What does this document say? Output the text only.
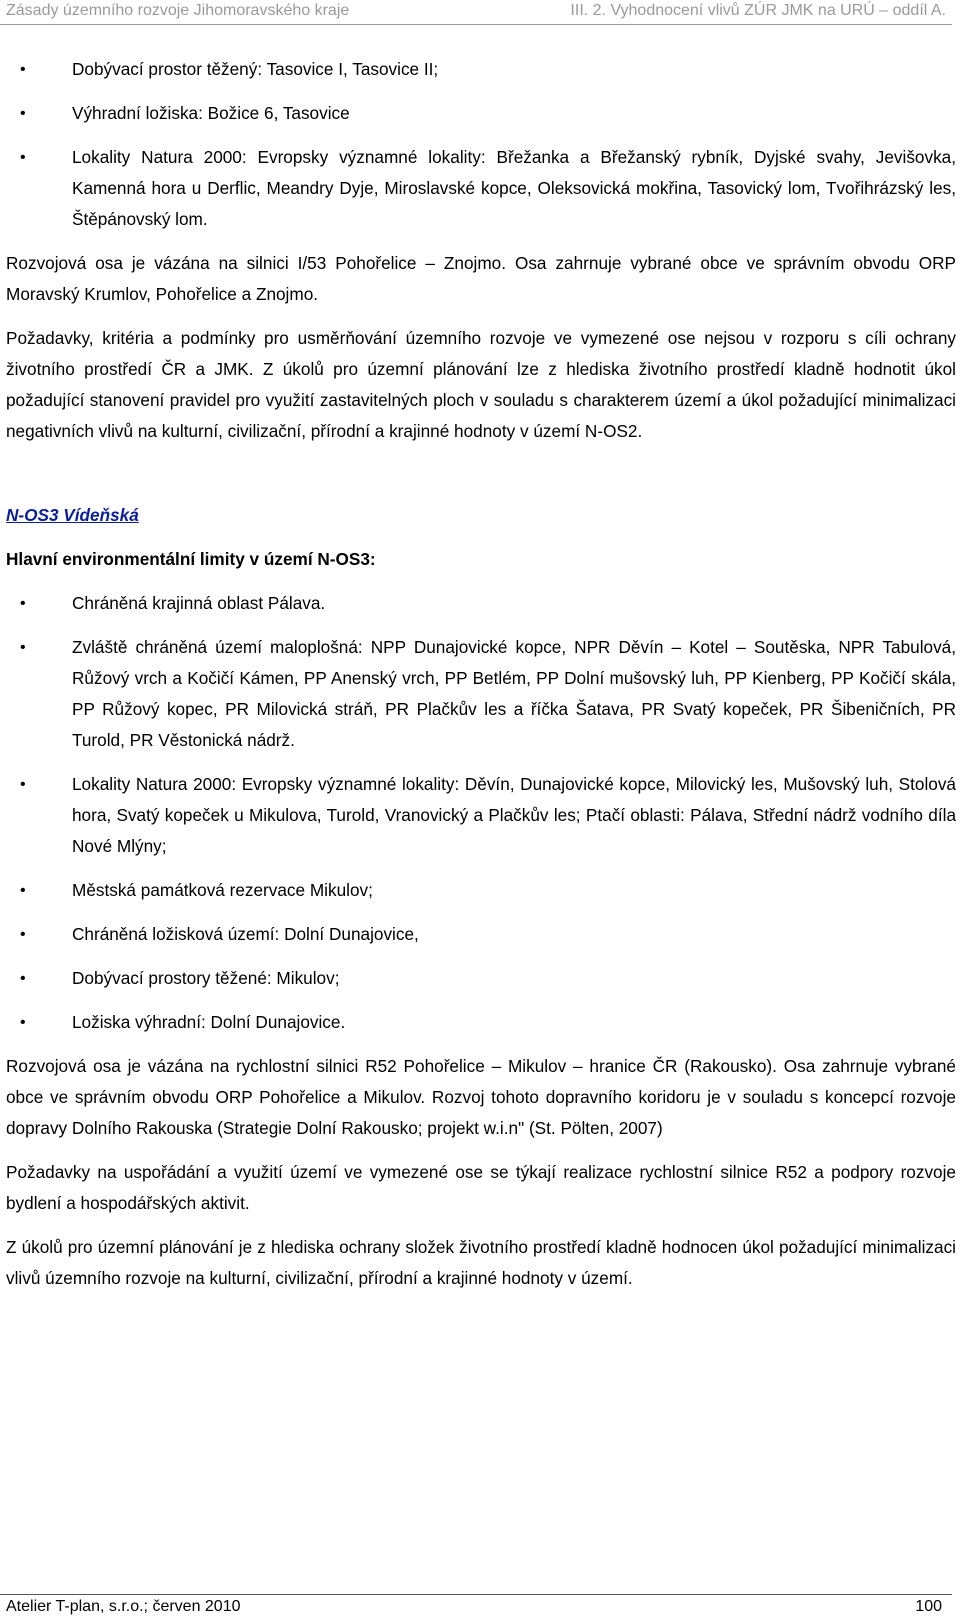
Zásady územního rozvoje Jihomoravského kraje	III. 2. Vyhodnocení vlivů ZÚR JMK na URÚ – oddíl A.
• Dobývací prostor těžený: Tasovice I, Tasovice II;
• Výhradní ložiska: Božice 6, Tasovice
• Lokality Natura 2000: Evropsky významné lokality: Břežanka a Břežanský rybník, Dyjské svahy, Jevišovka, Kamenná hora u Derflic, Meandry Dyje, Miroslavské kopce, Oleksovická mokřina, Tasovický lom, Tvořihrázský les, Štěpánovský lom.

Rozvojová osa je vázána na silnici I/53 Pohořelice – Znojmo. Osa zahrnuje vybrané obce ve správním obvodu ORP Moravský Krumlov, Pohořelice a Znojmo.

Požadavky, kritéria a podmínky pro usměrňování územního rozvoje ve vymezené ose nejsou v rozporu s cíli ochrany životního prostředí ČR a JMK. Z úkolů pro územní plánování lze z hlediska životního prostředí kladně hodnotit úkol požadující stanovení pravidel pro využití zastavitelných ploch v souladu s charakterem území a úkol požadující minimalizaci negativních vlivů na kulturní, civilizační, přírodní a krajinné hodnoty v území N-OS2.

N-OS3 Vídeňská
Hlavní environmentální limity v území N-OS3:
• Chráněná krajinná oblast Pálava.
• Zvláště chráněná území maloplošná: NPP Dunajovické kopce, NPR Děvín – Kotel – Soutěska, NPR Tabulová, Růžový vrch a Kočičí Kámen, PP Anenský vrch, PP Betlém, PP Dolní mušovský luh, PP Kienberg, PP Kočičí skála, PP Růžový kopec, PR Milovická stráň, PR Plačkův les a říčka Šatava, PR Svatý kopeček, PR Šibeničních, PR Turold, PR Věstonická nádrž.
• Lokality Natura 2000: Evropsky významné lokality: Děvín, Dunajovické kopce, Milovický les, Mušovský luh, Stolová hora, Svatý kopeček u Mikulova, Turold, Vranovický a Plačkův les; Ptačí oblasti: Pálava, Střední nádrž vodního díla Nové Mlýny;
• Městská památková rezervace Mikulov;
• Chráněná ložisková území: Dolní Dunajovice,
• Dobývací prostory těžené: Mikulov;
• Ložiska výhradní: Dolní Dunajovice.

Rozvojová osa je vázána na rychlostní silnici R52 Pohořelice – Mikulov – hranice ČR (Rakousko). Osa zahrnuje vybrané obce ve správním obvodu ORP Pohořelice a Mikulov. Rozvoj tohoto dopravního koridoru je v souladu s koncepcí rozvoje dopravy Dolního Rakouska (Strategie Dolní Rakousko; projekt w.i.n" (St. Pölten, 2007)

Požadavky na uspořádání a využití území ve vymezené ose se týkají realizace rychlostní silnice R52 a podpory rozvoje bydlení a hospodářských aktivit.

Z úkolů pro územní plánování je z hlediska ochrany složek životního prostředí kladně hodnocen úkol požadující minimalizaci vlivů územního rozvoje na kulturní, civilizační, přírodní a krajinné hodnoty v území.

Atelier T-plan, s.r.o.; červen 2010	100
